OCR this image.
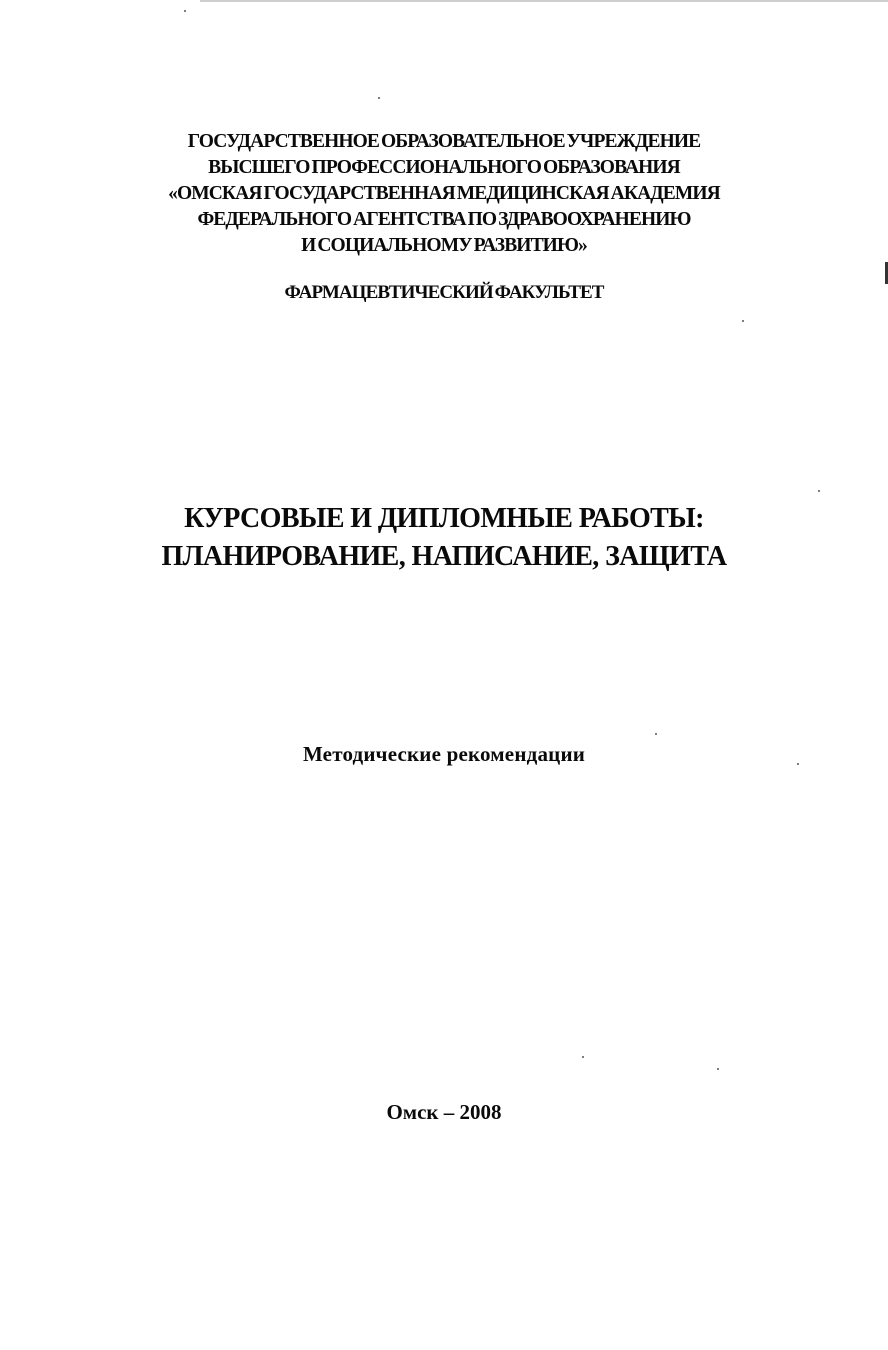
ГОСУДАРСТВЕННОЕ ОБРАЗОВАТЕЛЬНОЕ УЧРЕЖДЕНИЕ
ВЫСШЕГО ПРОФЕССИОНАЛЬНОГО ОБРАЗОВАНИЯ
«ОМСКАЯ ГОСУДАРСТВЕННАЯ МЕДИЦИНСКАЯ АКАДЕМИЯ
ФЕДЕРАЛЬНОГО АГЕНТСТВА ПО ЗДРАВООХРАНЕНИЮ
И СОЦИАЛЬНОМУ РАЗВИТИЮ»
ФАРМАЦЕВТИЧЕСКИЙ ФАКУЛЬТЕТ
КУРСОВЫЕ И ДИПЛОМНЫЕ РАБОТЫ:
ПЛАНИРОВАНИЕ, НАПИСАНИЕ, ЗАЩИТА
Методические рекомендации
Омск – 2008
